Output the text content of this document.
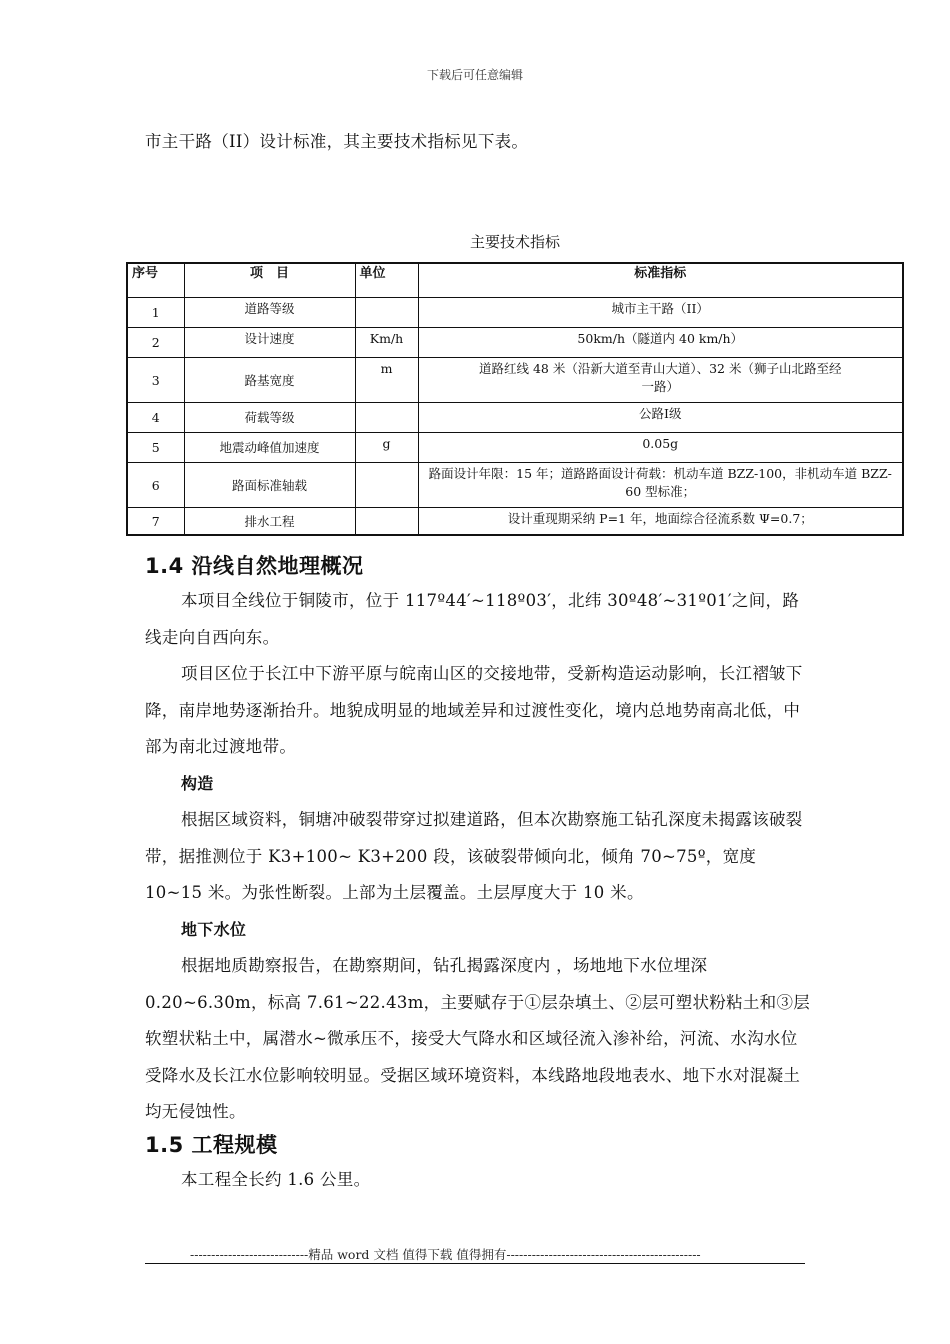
下载后可任意编辑
市主干路（II）设计标准，其主要技术指标见下表。
主要技术指标
序号	项　目	单位	标准指标
1	道路等级		城市主干路（II）
2	设计速度	Km/h	50km/h（隧道内 40 km/h）
3	路基宽度	m	道路红线 48 米（沿新大道至青山大道）、32 米（狮子山北路至经一路）
4	荷载等级		公路Ⅰ级
5	地震动峰值加速度	g	0.05g
6	路面标准轴载		路面设计年限：15 年；道路路面设计荷载：机动车道 BZZ-100，非机动车道 BZZ-60 型标准；
7	排水工程		设计重现期采纳 P=1 年，地面综合径流系数 Ψ=0.7；
1.4 沿线自然地理概况

本项目全线位于铜陵市，位于 117º44′~118º03′，北纬 30º48′~31º01′之间，路线走向自西向东。

项目区位于长江中下游平原与皖南山区的交接地带，受新构造运动影响，长江褶皱下降，南岸地势逐渐抬升。地貌成明显的地域差异和过渡性变化，境内总地势南高北低，中部为南北过渡地带。

构造

根据区域资料，铜塘冲破裂带穿过拟建道路，但本次勘察施工钻孔深度未揭露该破裂带，据推测位于 K3+100~ K3+200 段，该破裂带倾向北，倾角 70~75º，宽度 10~15 米。为张性断裂。上部为土层覆盖。土层厚度大于 10 米。

地下水位

根据地质勘察报告，在勘察期间，钻孔揭露深度内 ，场地地下水位埋深 0.20~6.30m，标高 7.61~22.43m，主要赋存于①层杂填土、②层可塑状粉粘土和③层软塑状粘土中，属潜水~微承压不，接受大气降水和区域径流入渗补给，河流、水沟水位受降水及长江水位影响较明显。受据区域环境资料，本线路地段地表水、地下水对混凝土均无侵蚀性。

1.5 工程规模

本工程全长约 1.6 公里。

----------------------------精品 word 文档 值得下载 值得拥有----------------------------------------------
